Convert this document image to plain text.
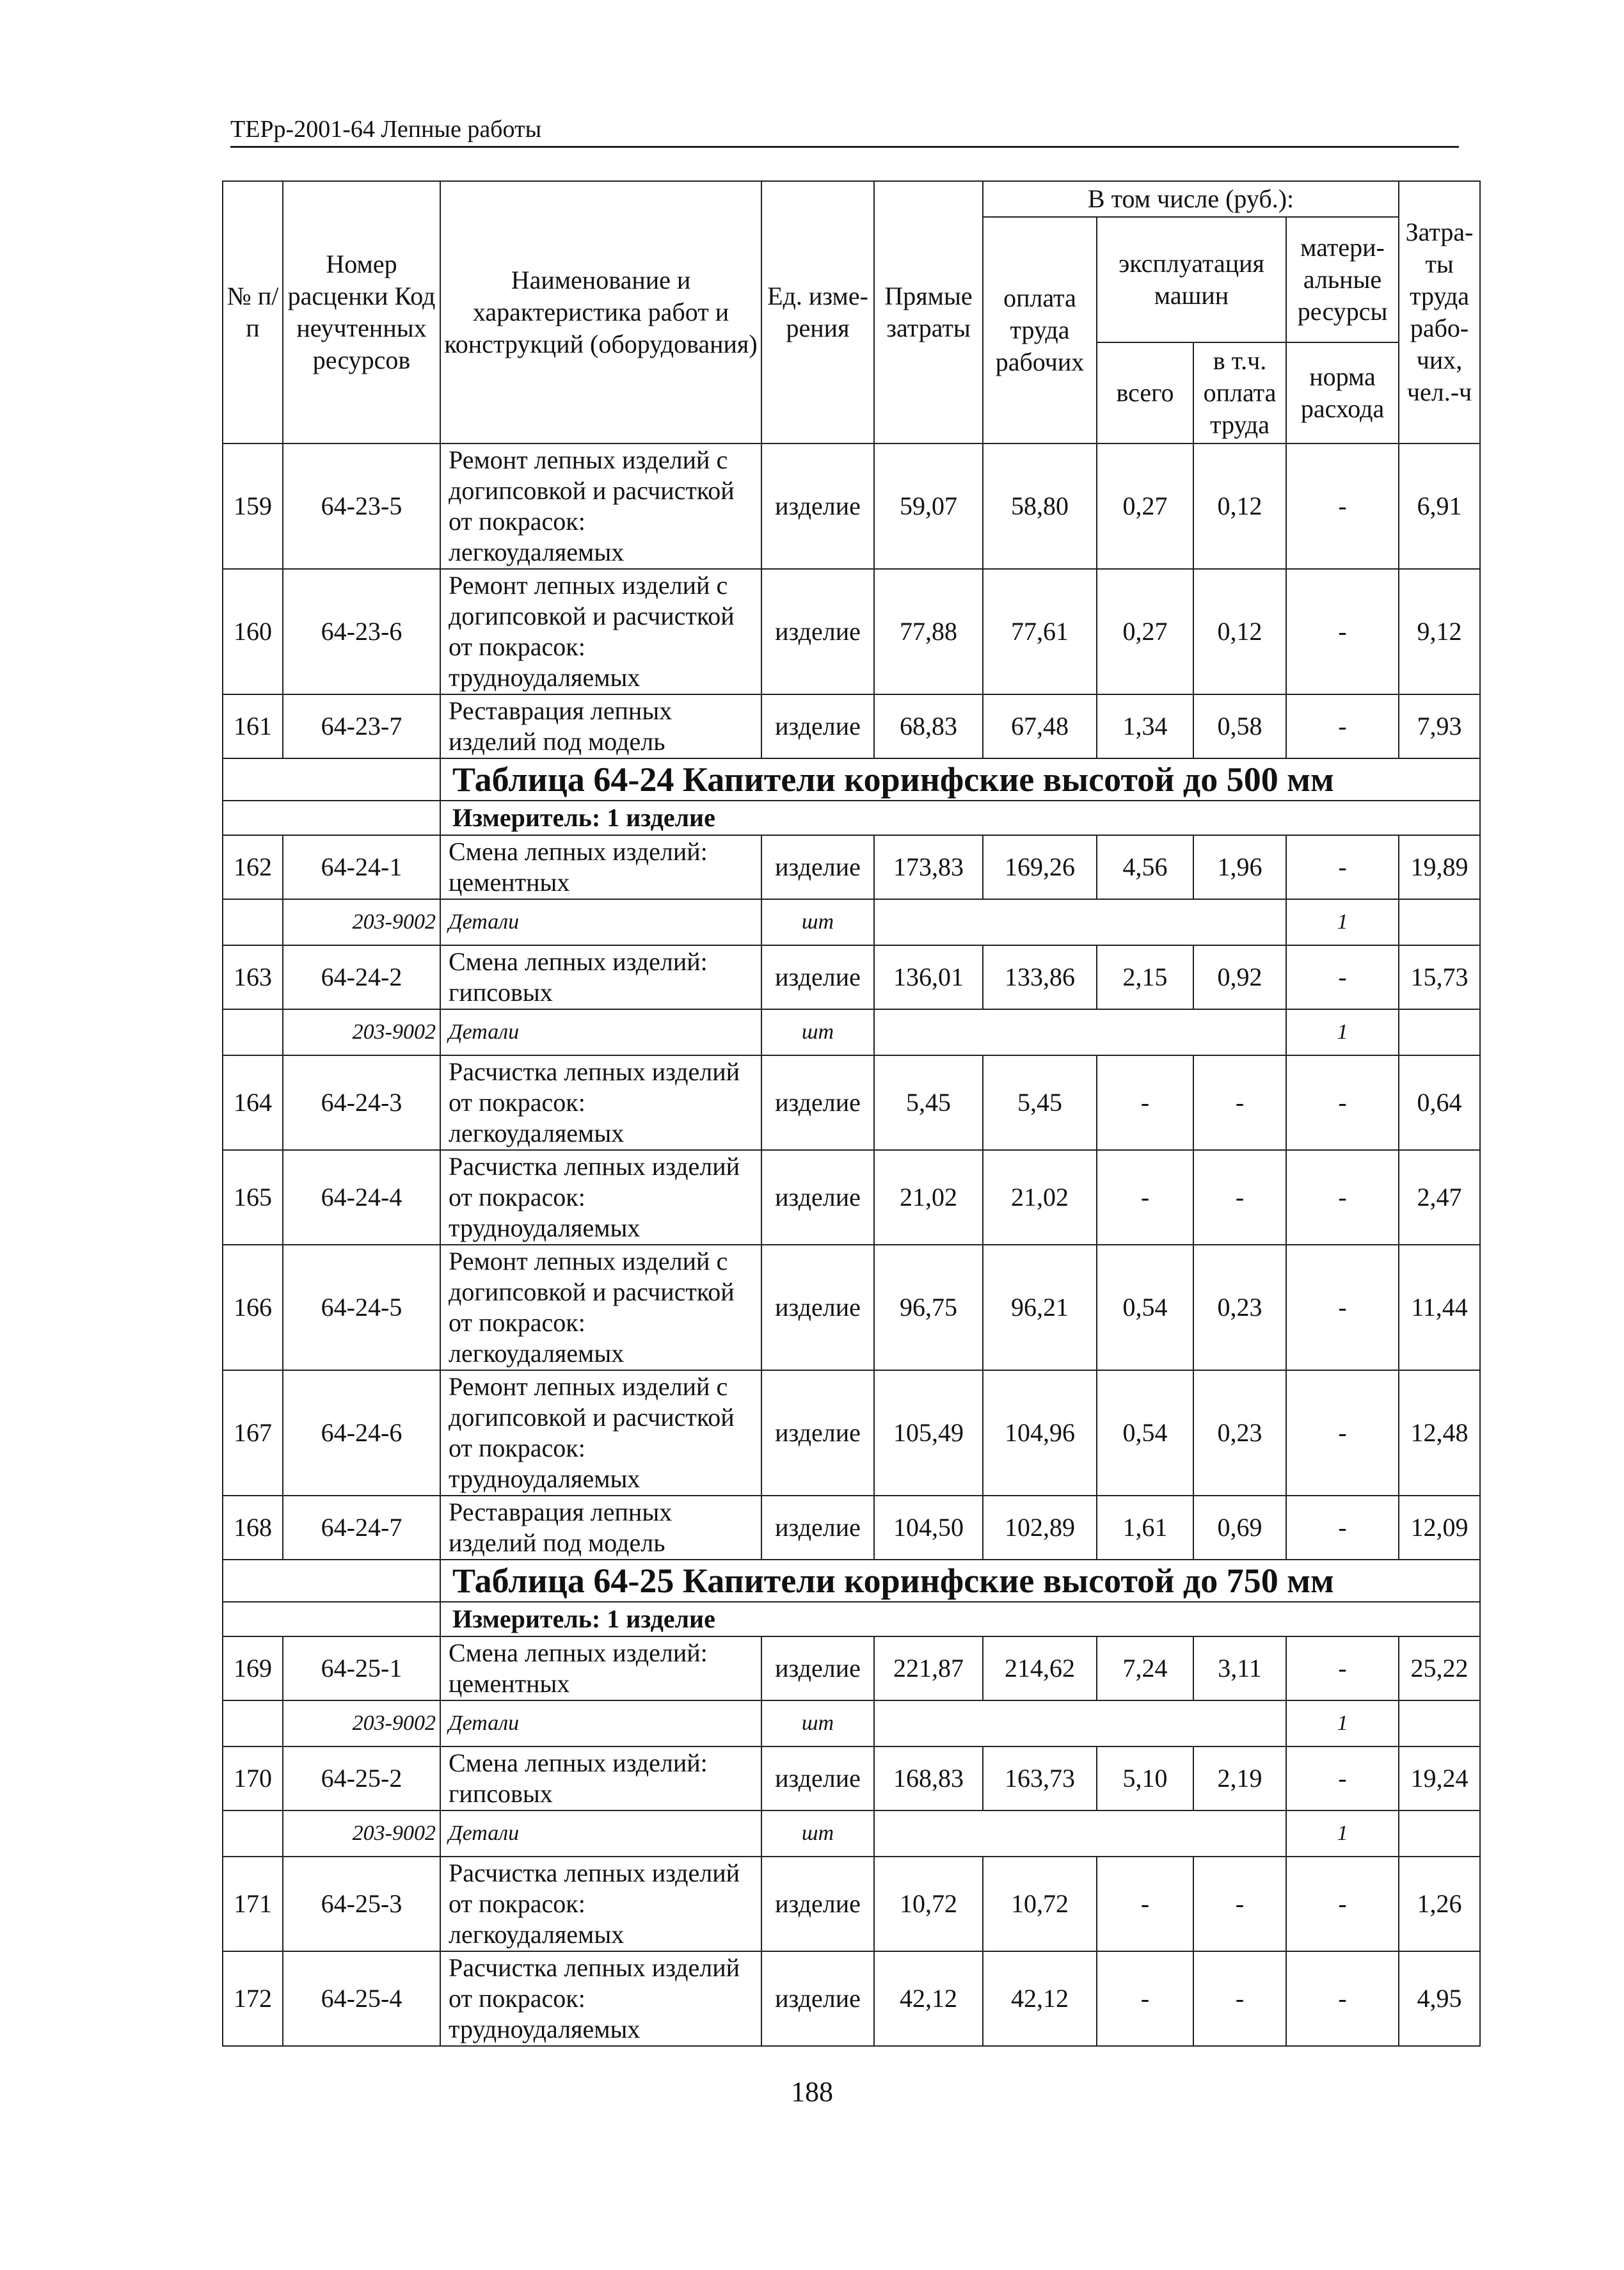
ТЕРр-2001-64 Лепные работы
№ п/п	Номер расценки Код неучтенных ресурсов	Наименование и характеристика работ и конструкций (оборудования)	Ед. изме-рения	Прямые затраты	В том числе (руб.):				Затра-ты труда рабо-чих, чел.-ч
					оплата труда рабочих	эксплуатация машин		матери-альные ресурсы	
						всего	в т.ч. оплата труда	норма расхода	

159	64-23-5	Ремонт лепных изделий с догипсовкой и расчисткой от покрасок: легкоудаляемых	изделие	59,07	58,80	0,27	0,12	-	6,91
160	64-23-6	Ремонт лепных изделий с догипсовкой и расчисткой от покрасок: трудноудаляемых	изделие	77,88	77,61	0,27	0,12	-	9,12
161	64-23-7	Реставрация лепных изделий под модель	изделие	68,83	67,48	1,34	0,58	-	7,93
		Таблица 64-24 Капители коринфские высотой до 500 мм							
		Измеритель: 1 изделие							
162	64-24-1	Смена лепных изделий: цементных	изделие	173,83	169,26	4,56	1,96	-	19,89
	203-9002	Детали	шт					1	
163	64-24-2	Смена лепных изделий: гипсовых	изделие	136,01	133,86	2,15	0,92	-	15,73
	203-9002	Детали	шт					1	
164	64-24-3	Расчистка лепных изделий от покрасок: легкоудаляемых	изделие	5,45	5,45	-	-	-	0,64
165	64-24-4	Расчистка лепных изделий от покрасок: трудноудаляемых	изделие	21,02	21,02	-	-	-	2,47
166	64-24-5	Ремонт лепных изделий с догипсовкой и расчисткой от покрасок: легкоудаляемых	изделие	96,75	96,21	0,54	0,23	-	11,44
167	64-24-6	Ремонт лепных изделий с догипсовкой и расчисткой от покрасок: трудноудаляемых	изделие	105,49	104,96	0,54	0,23	-	12,48
168	64-24-7	Реставрация лепных изделий под модель	изделие	104,50	102,89	1,61	0,69	-	12,09
		Таблица 64-25 Капители коринфские высотой до 750 мм							
		Измеритель: 1 изделие							
169	64-25-1	Смена лепных изделий: цементных	изделие	221,87	214,62	7,24	3,11	-	25,22
	203-9002	Детали	шт					1	
170	64-25-2	Смена лепных изделий: гипсовых	изделие	168,83	163,73	5,10	2,19	-	19,24
	203-9002	Детали	шт					1	
171	64-25-3	Расчистка лепных изделий от покрасок: легкоудаляемых	изделие	10,72	10,72	-	-	-	1,26
172	64-25-4	Расчистка лепных изделий от покрасок: трудноудаляемых	изделие	42,12	42,12	-	-	-	4,95
188
